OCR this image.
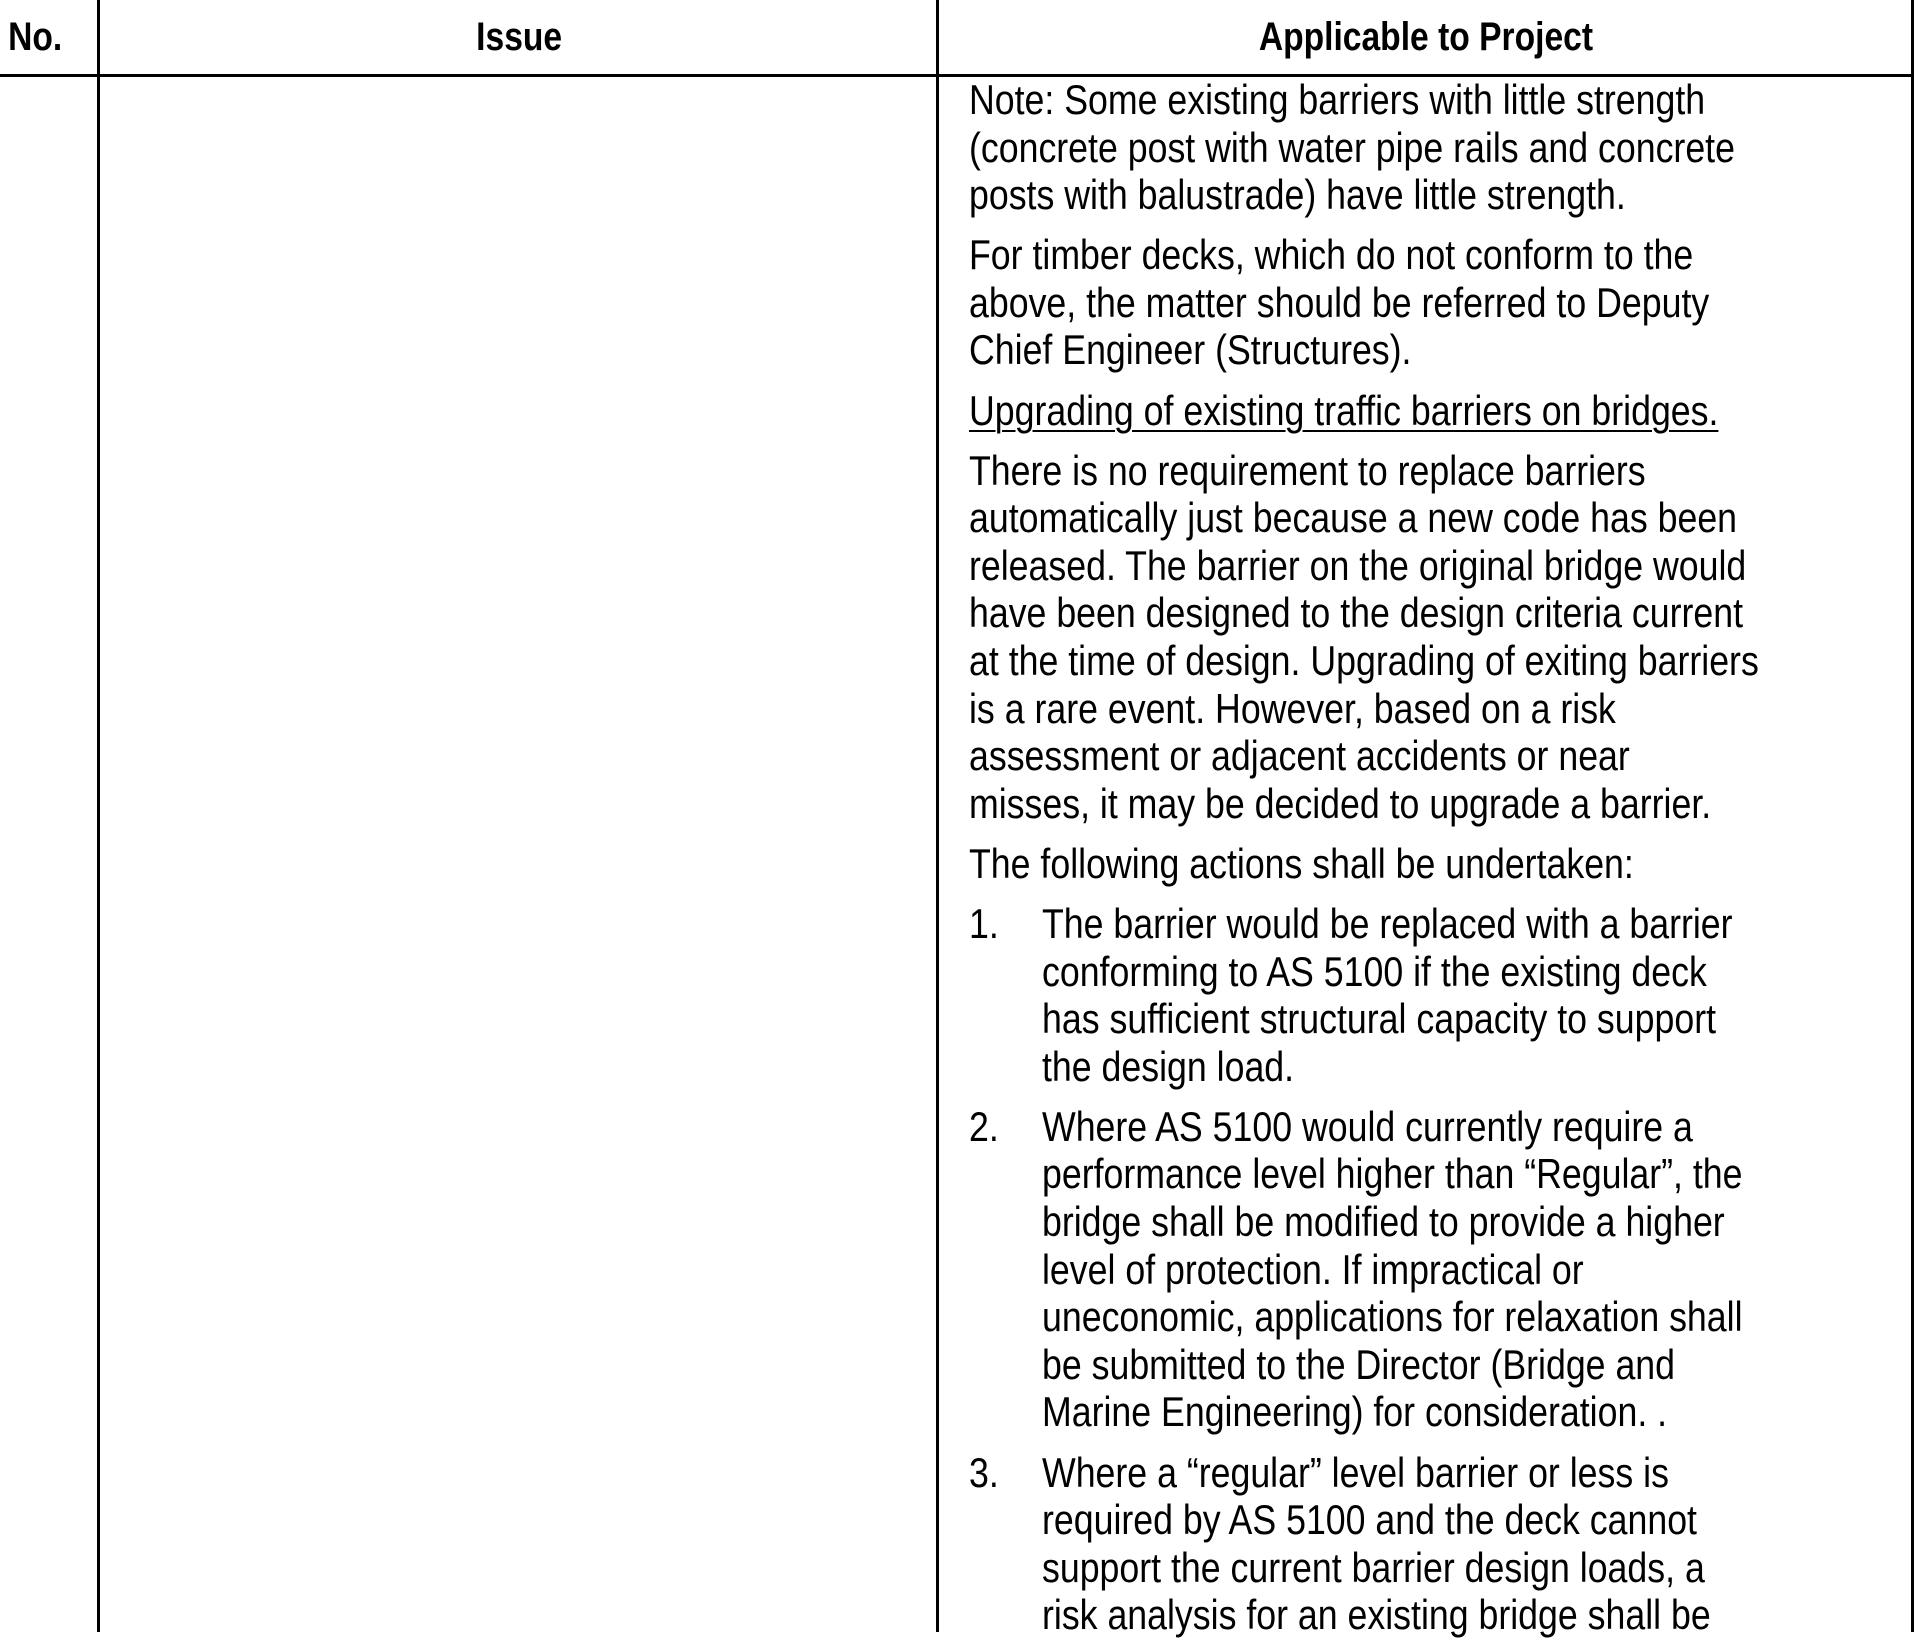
No.	Issue	Applicable to Project
Note: Some existing barriers with little strength
(concrete post with water pipe rails and concrete
posts with balustrade) have little strength.
For timber decks, which do not conform to the
above, the matter should be referred to Deputy
Chief Engineer (Structures).
Upgrading of existing traffic barriers on bridges.
There is no requirement to replace barriers
automatically just because a new code has been
released. The barrier on the original bridge would
have been designed to the design criteria current
at the time of design. Upgrading of exiting barriers
is a rare event. However, based on a risk
assessment or adjacent accidents or near
misses, it may be decided to upgrade a barrier.
The following actions shall be undertaken:
1. The barrier would be replaced with a barrier
conforming to AS 5100 if the existing deck
has sufficient structural capacity to support
the design load.
2. Where AS 5100 would currently require a
performance level higher than “Regular”, the
bridge shall be modified to provide a higher
level of protection. If impractical or
uneconomic, applications for relaxation shall
be submitted to the Director (Bridge and
Marine Engineering) for consideration. .
3. Where a “regular” level barrier or less is
required by AS 5100 and the deck cannot
support the current barrier design loads, a
risk analysis for an existing bridge shall be
